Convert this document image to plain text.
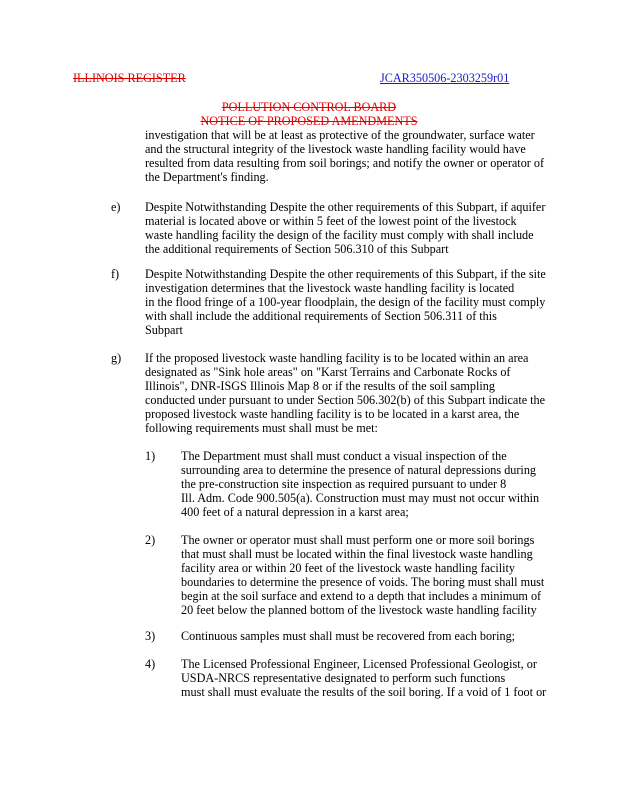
ILLINOIS REGISTER	JCAR350506-2303259r01
POLLUTION CONTROL BOARD
NOTICE OF PROPOSED AMENDMENTS
investigation that will be at least as protective of the groundwater, surface water
and the structural integrity of the livestock waste handling facility would have
resulted from data resulting from soil borings; and notify the owner or operator of
the Department's finding.
e) Despite Notwithstanding Despite the other requirements of this Subpart, if aquifer
material is located above or within 5 feet of the lowest point of the livestock
waste handling facility the design of the facility must comply with shall include
the additional requirements of Section 506.310 of this Subpart
f) Despite Notwithstanding Despite the other requirements of this Subpart, if the site
investigation determines that the livestock waste handling facility is located
in the flood fringe of a 100-year floodplain, the design of the facility must comply
with shall include the additional requirements of Section 506.311 of this
Subpart
g) If the proposed livestock waste handling facility is to be located within an area
designated as "Sink hole areas" on "Karst Terrains and Carbonate Rocks of
Illinois", DNR-ISGS Illinois Map 8 or if the results of the soil sampling
conducted under pursuant to under Section 506.302(b) of this Subpart indicate the
proposed livestock waste handling facility is to be located in a karst area, the
following requirements must shall must be met:
1) The Department must shall must conduct a visual inspection of the
surrounding area to determine the presence of natural depressions during
the pre-construction site inspection as required pursuant to under 8
Ill. Adm. Code 900.505(a). Construction must may must not occur within
400 feet of a natural depression in a karst area;
2) The owner or operator must shall must perform one or more soil borings
that must shall must be located within the final livestock waste handling
facility area or within 20 feet of the livestock waste handling facility
boundaries to determine the presence of voids. The boring must shall must
begin at the soil surface and extend to a depth that includes a minimum of
20 feet below the planned bottom of the livestock waste handling facility
3) Continuous samples must shall must be recovered from each boring;
4) The Licensed Professional Engineer, Licensed Professional Geologist, or
USDA-NRCS representative designated to perform such functions
must shall must evaluate the results of the soil boring. If a void of 1 foot or
